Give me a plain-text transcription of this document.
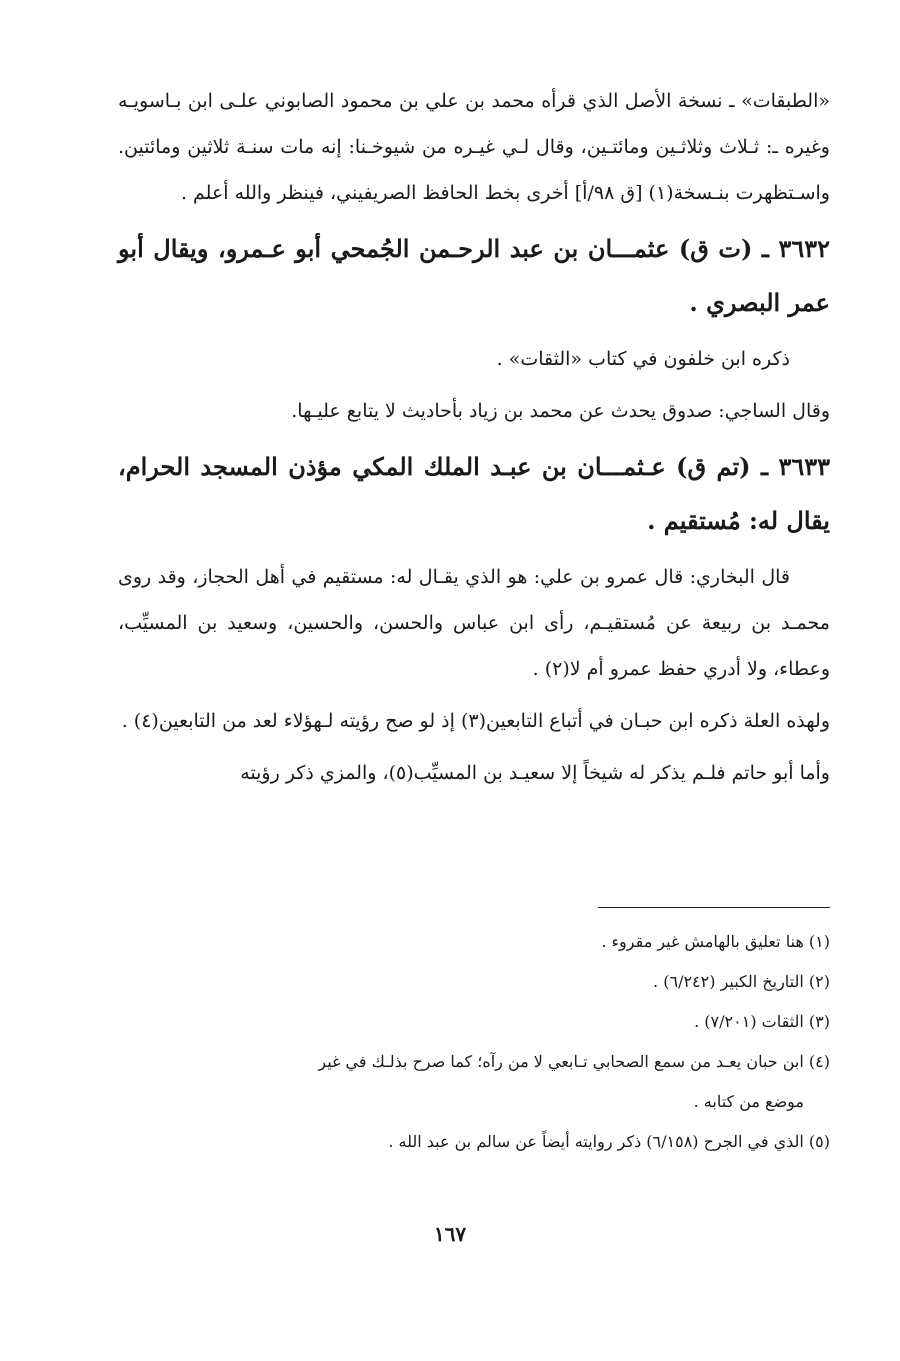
«الطبقات» ـ نسخة الأصل الذي قرأه محمد بن علي بن محمود الصابوني علـى ابن بـاسويـه وغيره ـ: ثـلاث وثلاثـين ومائتـين، وقال لـي غيـره من شيوخـنا: إنه مات سنـة ثلاثين ومائتين. واسـتظهرت بنـسخة(١) [ق ٩٨/أ] أخرى بخط الحافظ الصريفيني، فينظر والله أعلم .

٣٦٣٢ ـ (ت ق) عثمـــان بن عبد الرحـمن الجُمحي أبو عـمرو، ويقال أبو عمر البصري .

ذكره ابن خلفون في كتاب «الثقات» .

وقال الساجي: صدوق يحدث عن محمد بن زياد بأحاديث لا يتابع عليـها.

٣٦٣٣ ـ (تم ق) عـثمـــان بن عبـد الملك المكي مؤذن المسجد الحرام، يقال له: مُستقيم .

قال البخاري: قال عمرو بن علي: هو الذي يقـال له: مستقيم في أهل الحجاز، وقد روى محمـد بن ربيعة عن مُستقيـم، رأى ابن عباس والحسن، والحسين، وسعيد بن المسيِّب، وعطاء، ولا أدري حفظ عمرو أم لا(٢) .

ولهذه العلة ذكره ابن حبـان في أتباع التابعين(٣) إذ لو صح رؤيته لـهؤلاء لعد من التابعين(٤) .

وأما أبو حاتم فلـم يذكر له شيخاً إلا سعيـد بن المسيِّب(٥)، والمزي ذكر رؤيته

(١) هنا تعليق بالهامش غير مقروء .

(٢) التاريخ الكبير (٦/٢٤٢) .

(٣) الثقات (٧/٢٠١) .

(٤) ابن حبان يعـد من سمع الصحابي تـابعي لا من رآه؛ كما صرح بذلـك في غير

موضع من كتابه .

(٥) الذي في الجرح (٦/١٥٨) ذكر روايته أيضاً عن سالم بن عبد الله .

١٦٧
